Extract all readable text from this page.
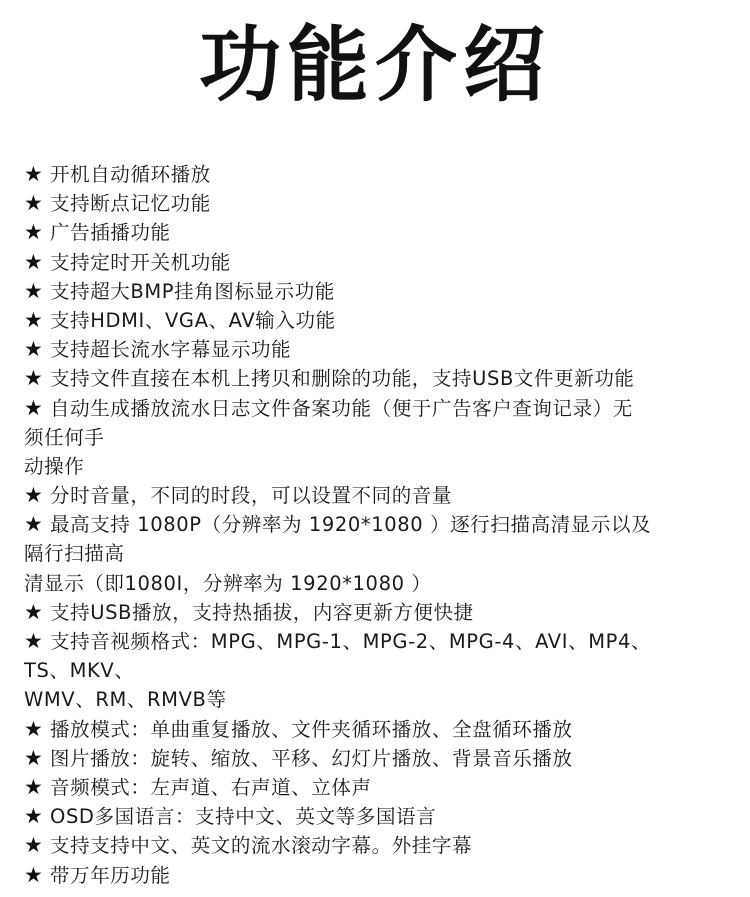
功能介绍
★ 开机自动循环播放
★ 支持断点记忆功能
★ 广告插播功能
★ 支持定时开关机功能
★ 支持超大BMP挂角图标显示功能
★ 支持HDMI、VGA、AV输入功能
★ 支持超长流水字幕显示功能
★ 支持文件直接在本机上拷贝和删除的功能，支持USB文件更新功能
★ 自动生成播放流水日志文件备案功能（便于广告客户查询记录）无
须任何手
动操作
★ 分时音量，不同的时段，可以设置不同的音量
★ 最高支持 1080P（分辨率为 1920*1080 ）逐行扫描高清显示以及
隔行扫描高
清显示（即1080I，分辨率为 1920*1080 ）
★ 支持USB播放，支持热插拔，内容更新方便快捷
★ 支持音视频格式：MPG、MPG-1、MPG-2、MPG-4、AVI、MP4、
TS、MKV、
WMV、RM、RMVB等
★ 播放模式：单曲重复播放、文件夹循环播放、全盘循环播放
★ 图片播放：旋转、缩放、平移、幻灯片播放、背景音乐播放
★ 音频模式：左声道、右声道、立体声
★ OSD多国语言：支持中文、英文等多国语言
★ 支持支持中文、英文的流水滚动字幕。外挂字幕
★ 带万年历功能
